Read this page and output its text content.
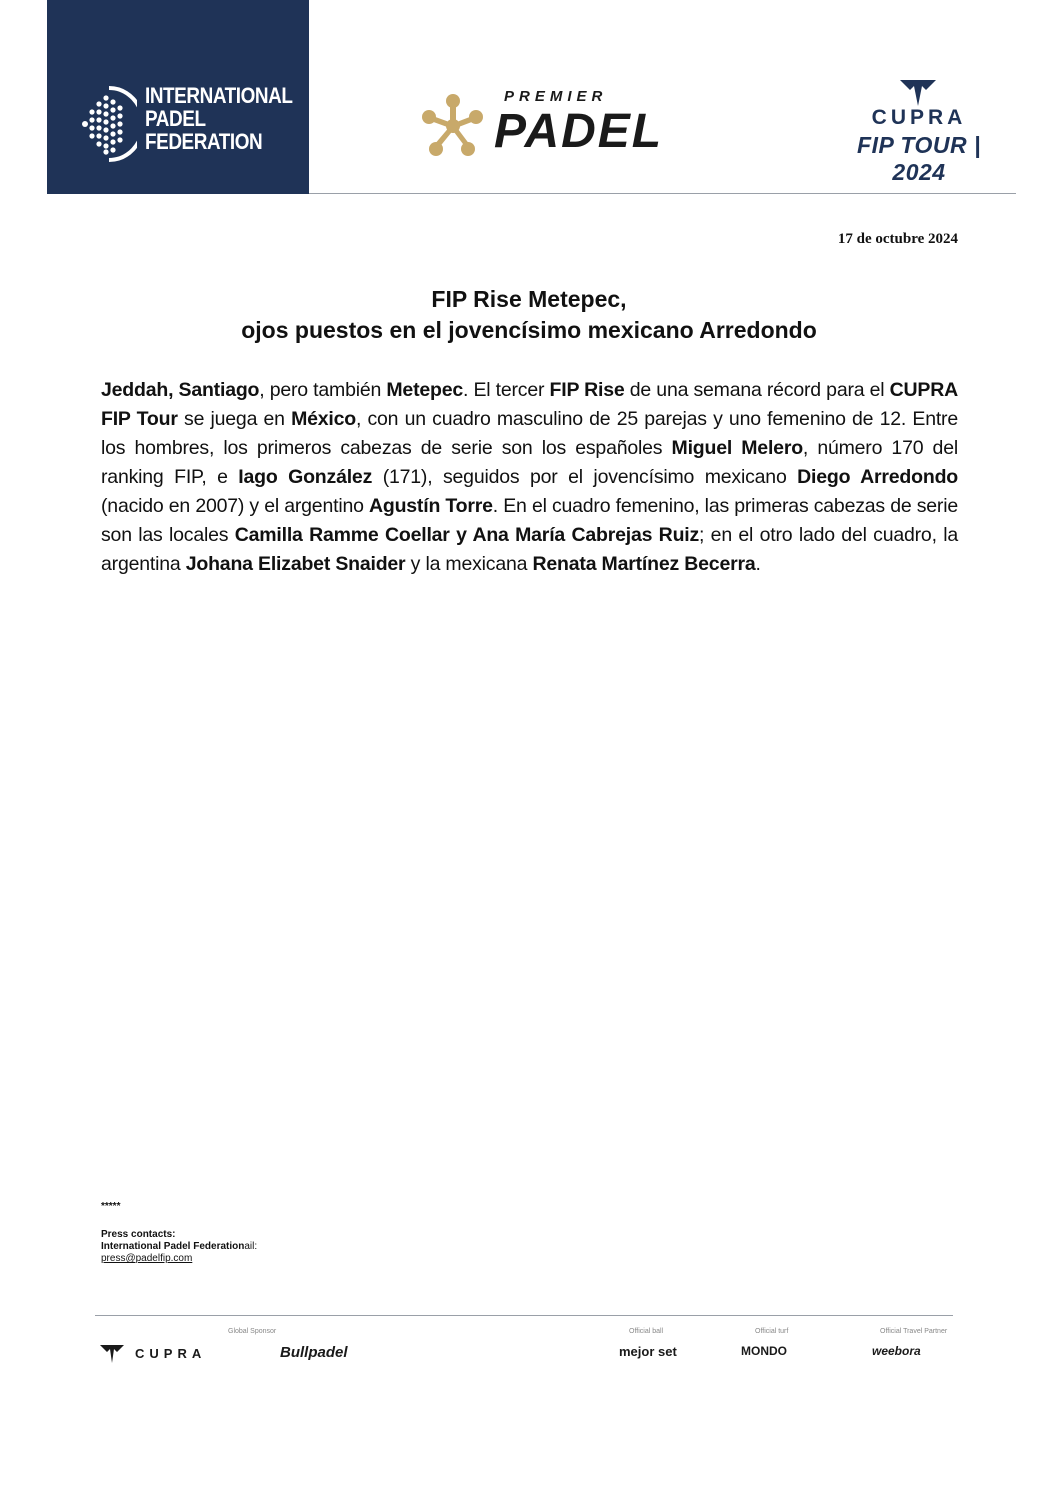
INTERNATIONAL
PADEL
FEDERATION
PREMIER
PADEL	CUPRA
FIP TOUR | 2024
17 de octubre 2024
FIP Rise Metepec,
ojos puestos en el jovencísimo mexicano Arredondo
Jeddah, Santiago, pero también Metepec. El tercer FIP Rise de una semana récord para el CUPRA FIP Tour se juega en México, con un cuadro masculino de 25 parejas y uno femenino de 12. Entre los hombres, los primeros cabezas de serie son los españoles Miguel Melero, número 170 del ranking FIP, e Iago González (171), seguidos por el jovencísimo mexicano Diego Arredondo (nacido en 2007) y el argentino Agustín Torre. En el cuadro femenino, las primeras cabezas de serie son las locales Camilla Ramme Coellar y Ana María Cabrejas Ruiz; en el otro lado del cuadro, la argentina Johana Elizabet Snaider y la mexicana Renata Martínez Becerra.
*****
Press contacts:
International Padel Federationail:
press@padelfip.com
Global Sponsor	Official ball	Official turf	Official Travel Partner
CUPRA	Bullpadel	mejor set	MONDO	weebora
